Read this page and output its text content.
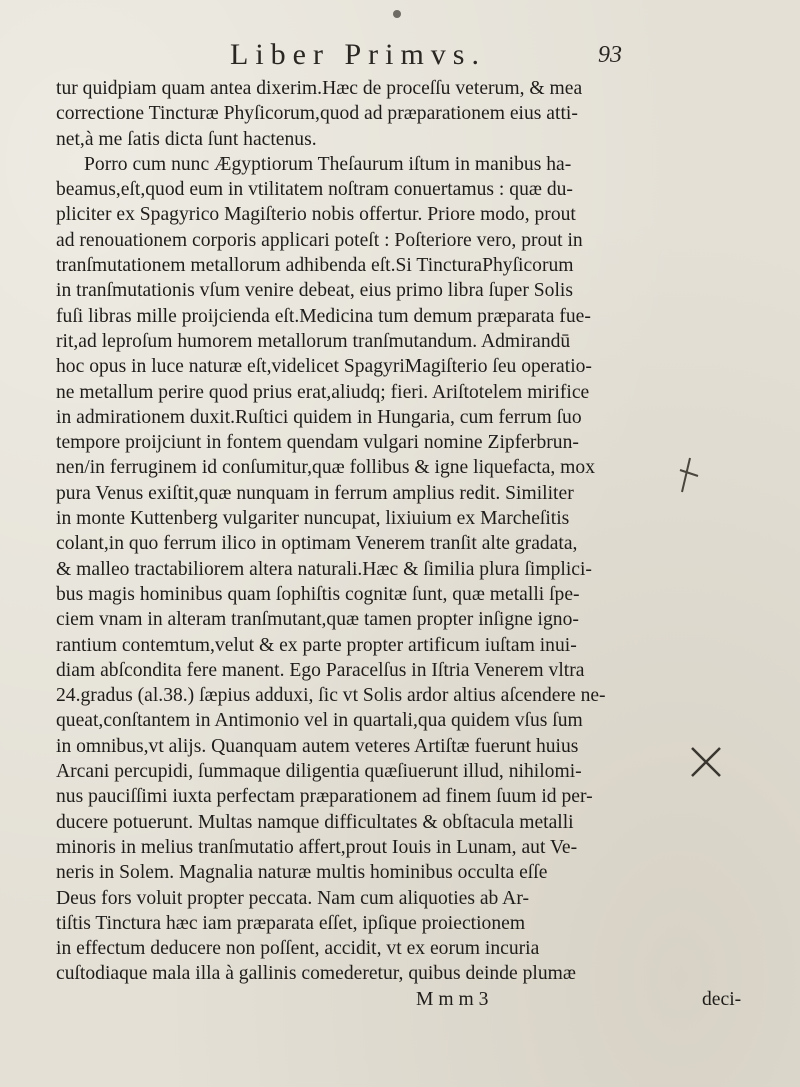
Liber Primvs.	93
tur quidpiam quam antea dixerim.Hæc de proceſſu veterum, & mea
correctione Tincturæ Phyſicorum,quod ad præparationem eius atti-
net,à me ſatis dicta ſunt hactenus.
Porro cum nunc Ægyptiorum Theſaurum iſtum in manibus ha-
beamus,eſt,quod eum in vtilitatem noſtram conuertamus : quæ du-
pliciter ex Spagyrico Magiſterio nobis offertur. Priore modo, prout
ad renouationem corporis applicari poteſt : Poſteriore vero, prout in
tranſmutationem metallorum adhibenda eſt.Si TincturaPhyſicorum
in tranſmutationis vſum venire debeat, eius primo libra ſuper Solis
fuſi libras mille proijcienda eſt.Medicina tum demum præparata fue-
rit,ad leproſum humorem metallorum tranſmutandum. Admirandū
hoc opus in luce naturæ eſt,videlicet SpagyriMagiſterio ſeu operatio-
ne metallum perire quod prius erat,aliudq; fieri. Ariſtotelem mirifice
in admirationem duxit.Ruſtici quidem in Hungaria, cum ferrum ſuo
tempore proijciunt in fontem quendam vulgari nomine Zipferbrun-
nen/in ferruginem id conſumitur,quæ follibus & igne liquefacta, mox
pura Venus exiſtit,quæ nunquam in ferrum amplius redit. Similiter
in monte Kuttenberg vulgariter nuncupat, lixiuium ex Marcheſitis
colant,in quo ferrum ilico in optimam Venerem tranſit alte gradata,
& malleo tractabiliorem altera naturali.Hæc & ſimilia plura ſimplici-
bus magis hominibus quam ſophiſtis cognitæ ſunt, quæ metalli ſpe-
ciem vnam in alteram tranſmutant,quæ tamen propter inſigne igno-
rantium contemtum,velut & ex parte propter artificum iuſtam inui-
diam abſcondita fere manent. Ego Paracelſus in Iſtria Venerem vltra
24.gradus (al.38.) ſæpius adduxi, ſic vt Solis ardor altius aſcendere ne-
queat,conſtantem in Antimonio vel in quartali,qua quidem vſus ſum
in omnibus,vt alijs. Quanquam autem veteres Artiſtæ fuerunt huius
Arcani percupidi, ſummaque diligentia quæſiuerunt illud, nihilomi-
nus pauciſſimi iuxta perfectam præparationem ad finem ſuum id per-
ducere potuerunt. Multas namque difficultates & obſtacula metalli
minoris in melius tranſmutatio affert,prout Iouis in Lunam, aut Ve-
neris in Solem. Magnalia naturæ multis hominibus occulta eſſe
Deus fors voluit propter peccata. Nam cum aliquoties ab Ar-
tiſtis Tinctura hæc iam præparata eſſet, ipſique proiectionem
in effectum deducere non poſſent, accidit, vt ex eorum incuria
cuſtodiaque mala illa à gallinis comederetur, quibus deinde plumæ
M m m 3	deci-
